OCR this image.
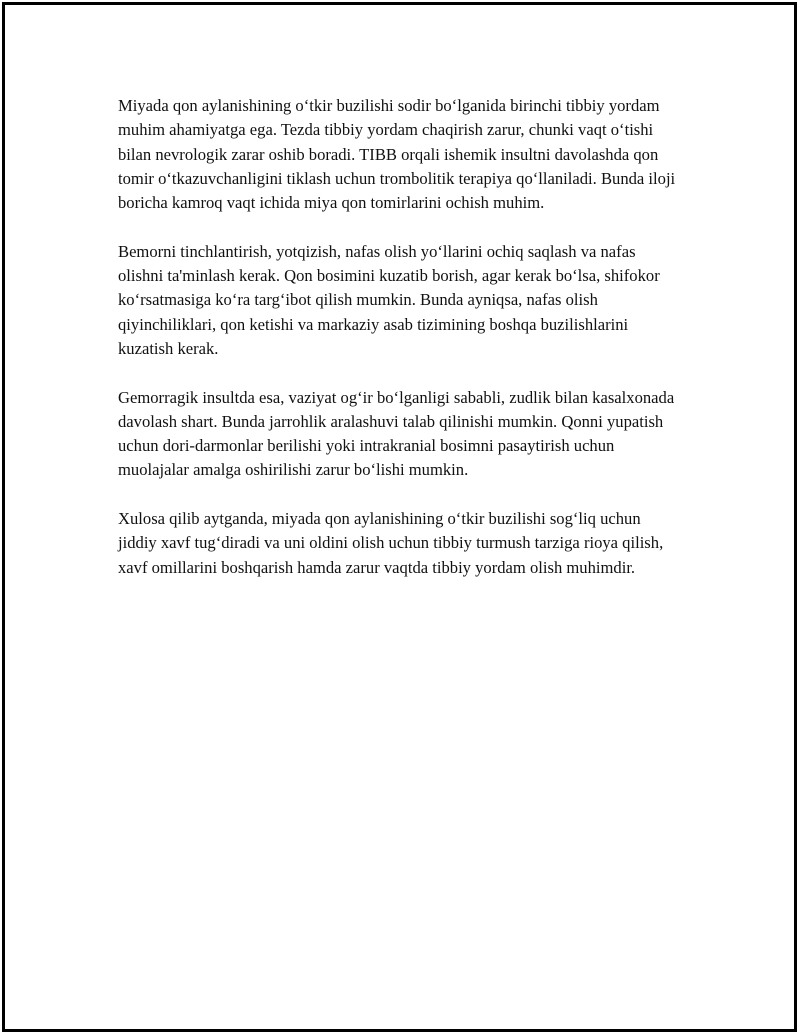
Miyada qon aylanishining o‘tkir buzilishi sodir bo‘lganida birinchi tibbiy yordam muhim ahamiyatga ega. Tezda tibbiy yordam chaqirish zarur, chunki vaqt o‘tishi bilan nevrologik zarar oshib boradi. TIBB orqali ishemik insultni davolashda qon tomir o‘tkazuvchanligini tiklash uchun trombolitik terapiya qo‘llaniladi. Bunda iloji boricha kamroq vaqt ichida miya qon tomirlarini ochish muhim.

Bemorni tinchlantirish, yotqizish, nafas olish yo‘llarini ochiq saqlash va nafas olishni ta'minlash kerak. Qon bosimini kuzatib borish, agar kerak bo‘lsa, shifokor ko‘rsatmasiga ko‘ra targ‘ibot qilish mumkin. Bunda ayniqsa, nafas olish qiyinchiliklari, qon ketishi va markaziy asab tizimining boshqa buzilishlarini kuzatish kerak.

Gemorragik insultda esa, vaziyat og‘ir bo‘lganligi sababli, zudlik bilan kasalxonada davolash shart. Bunda jarrohlik aralashuvi talab qilinishi mumkin. Qonni yupatish uchun dori-darmonlar berilishi yoki intrakranial bosimni pasaytirish uchun muolajalar amalga oshirilishi zarur bo‘lishi mumkin.

Xulosa qilib aytganda, miyada qon aylanishining o‘tkir buzilishi sog‘liq uchun jiddiy xavf tug‘diradi va uni oldini olish uchun tibbiy turmush tarziga rioya qilish, xavf omillarini boshqarish hamda zarur vaqtda tibbiy yordam olish muhimdir.
